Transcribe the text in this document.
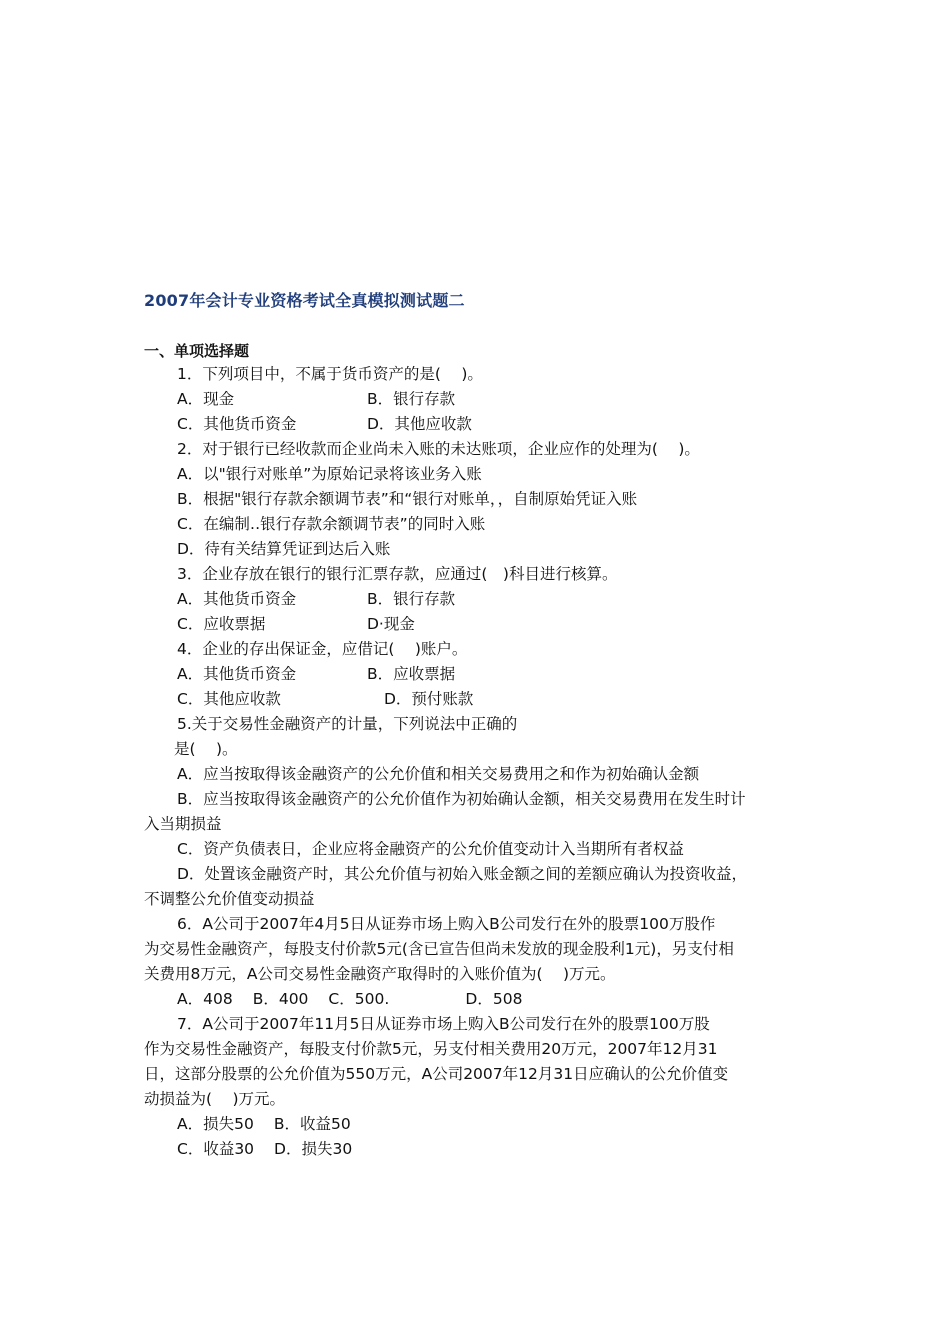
2007年会计专业资格考试全真模拟测试题二
一、单项选择题
1．下列项目中，不属于货币资产的是(　 )。
A．现金	B．银行存款
C．其他货币资金	D．其他应收款
2．对于银行已经收款而企业尚未入账的未达账项，企业应作的处理为(　 )。
A．以"银行对账单”为原始记录将该业务入账
B．根据"银行存款余额调节表”和“银行对账单，，自制原始凭证入账
C．在编制‥银行存款余额调节表”的同时入账
D．待有关结算凭证到达后入账
3．企业存放在银行的银行汇票存款，应通过(　)科目进行核算。
A．其他货币资金	B．银行存款
C．应收票据	D·现金
4．企业的存出保证金，应借记(　 )账户。
A．其他货币资金	B．应收票据
C．其他应收款	D．预付账款
5.关于交易性金融资产的计量，下列说法中正确的
是(　 )。
A．应当按取得该金融资产的公允价值和相关交易费用之和作为初始确认金额
B．应当按取得该金融资产的公允价值作为初始确认金额，相关交易费用在发生时计
入当期损益
C．资产负债表日，企业应将金融资产的公允价值变动计入当期所有者权益
D．处置该金融资产时，其公允价值与初始入账金额之间的差额应确认为投资收益，
不调整公允价值变动损益
6．A公司于2007年4月5日从证券市场上购入B公司发行在外的股票100万股作
为交易性金融资产，每股支付价款5元(含已宣告但尚未发放的现金股利1元)，另支付相
关费用8万元，A公司交易性金融资产取得时的入账价值为(　 )万元。
A．408 B．400 C．500.	D．508
7．A公司于2007年11月5日从证券市场上购入B公司发行在外的股票100万股
作为交易性金融资产，每股支付价款5元，另支付相关费用20万元，2007年12月31
日，这部分股票的公允价值为550万元，A公司2007年12月31日应确认的公允价值变
动损益为(　 )万元。
A．损失50 B．收益50
C．收益30 D．损失30
